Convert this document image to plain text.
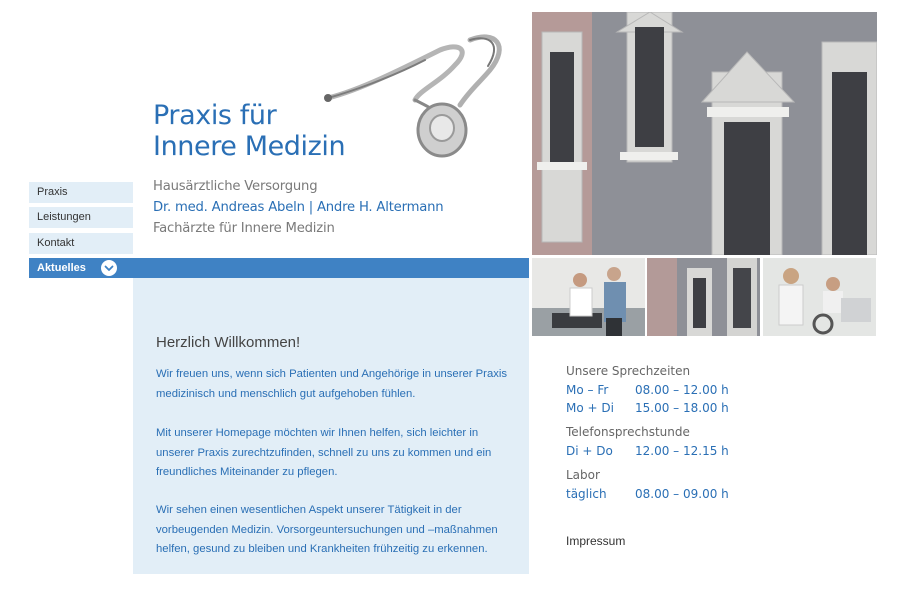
Praxis für
Innere Medizin
Hausärztliche Versorgung
Dr. med. Andreas Abeln | Andre H. Altermann
Fachärzte für Innere Medizin
Praxis
Leistungen
Kontakt
Aktuelles
Herzlich Willkommen!
Wir freuen uns, wenn sich Patienten und Angehörige in unserer Praxis
medizinisch und menschlich gut aufgehoben fühlen.
Mit unserer Homepage möchten wir Ihnen helfen, sich leichter in
unserer Praxis zurechtzufinden, schnell zu uns zu kommen und ein
freundliches Miteinander zu pflegen.
Wir sehen einen wesentlichen Aspekt unserer Tätigkeit in der
vorbeugenden Medizin. Vorsorgeuntersuchungen und –maßnahmen
helfen, gesund zu bleiben und Krankheiten frühzeitig zu erkennen.
Unsere Sprechzeiten
Mo – Fr 08.00 – 12.00 h
Mo + Di 15.00 – 18.00 h
Telefonsprechstunde
Di + Do 12.00 – 12.15 h
Labor
täglich 08.00 – 09.00 h
Impressum
